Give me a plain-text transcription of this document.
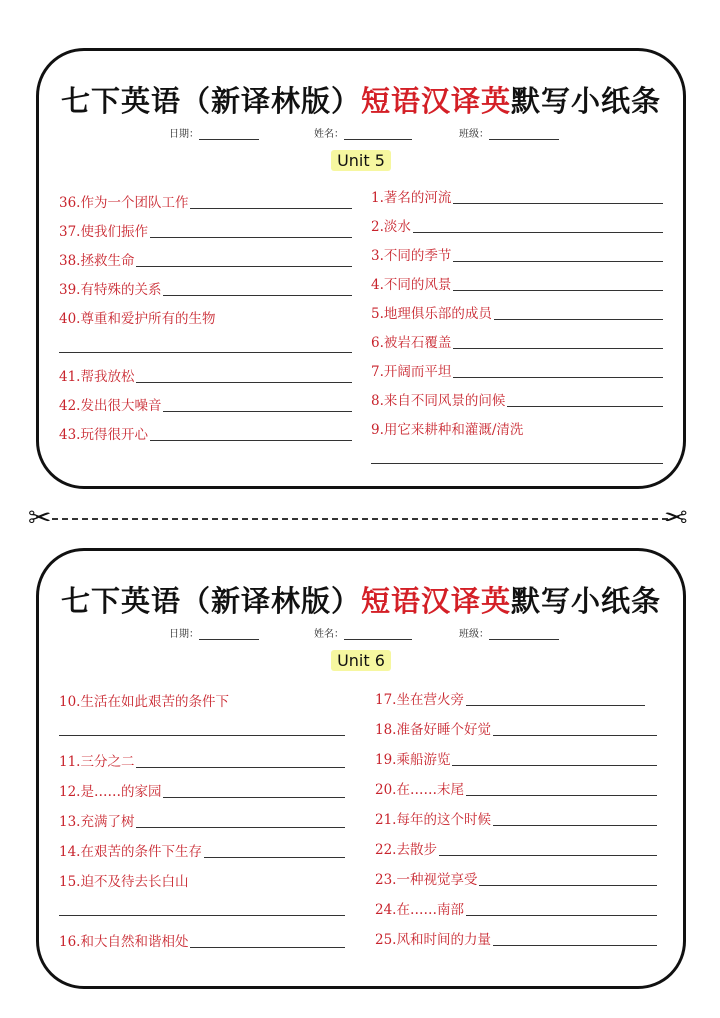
七下英语（新译林版）短语汉译英默写小纸条
日期：	姓名：	班级：
Unit 5
36.作为一个团队工作
37.使我们振作
38.拯救生命
39.有特殊的关系
40.尊重和爱护所有的生物
41.帮我放松
42.发出很大噪音
43.玩得很开心
1.著名的河流
2.淡水
3.不同的季节
4.不同的风景
5.地理俱乐部的成员
6.被岩石覆盖
7.开阔而平坦
8.来自不同风景的问候
9.用它来耕种和灌溉/清洗
✂	✂
七下英语（新译林版）短语汉译英默写小纸条
日期：	姓名：	班级：
Unit 6
10.生活在如此艰苦的条件下
11.三分之二
12.是……的家园
13.充满了树
14.在艰苦的条件下生存
15.迫不及待去长白山
16.和大自然和谐相处
17.坐在营火旁
18.准备好睡个好觉
19.乘船游览
20.在……末尾
21.每年的这个时候
22.去散步
23.一种视觉享受
24.在……南部
25.风和时间的力量
